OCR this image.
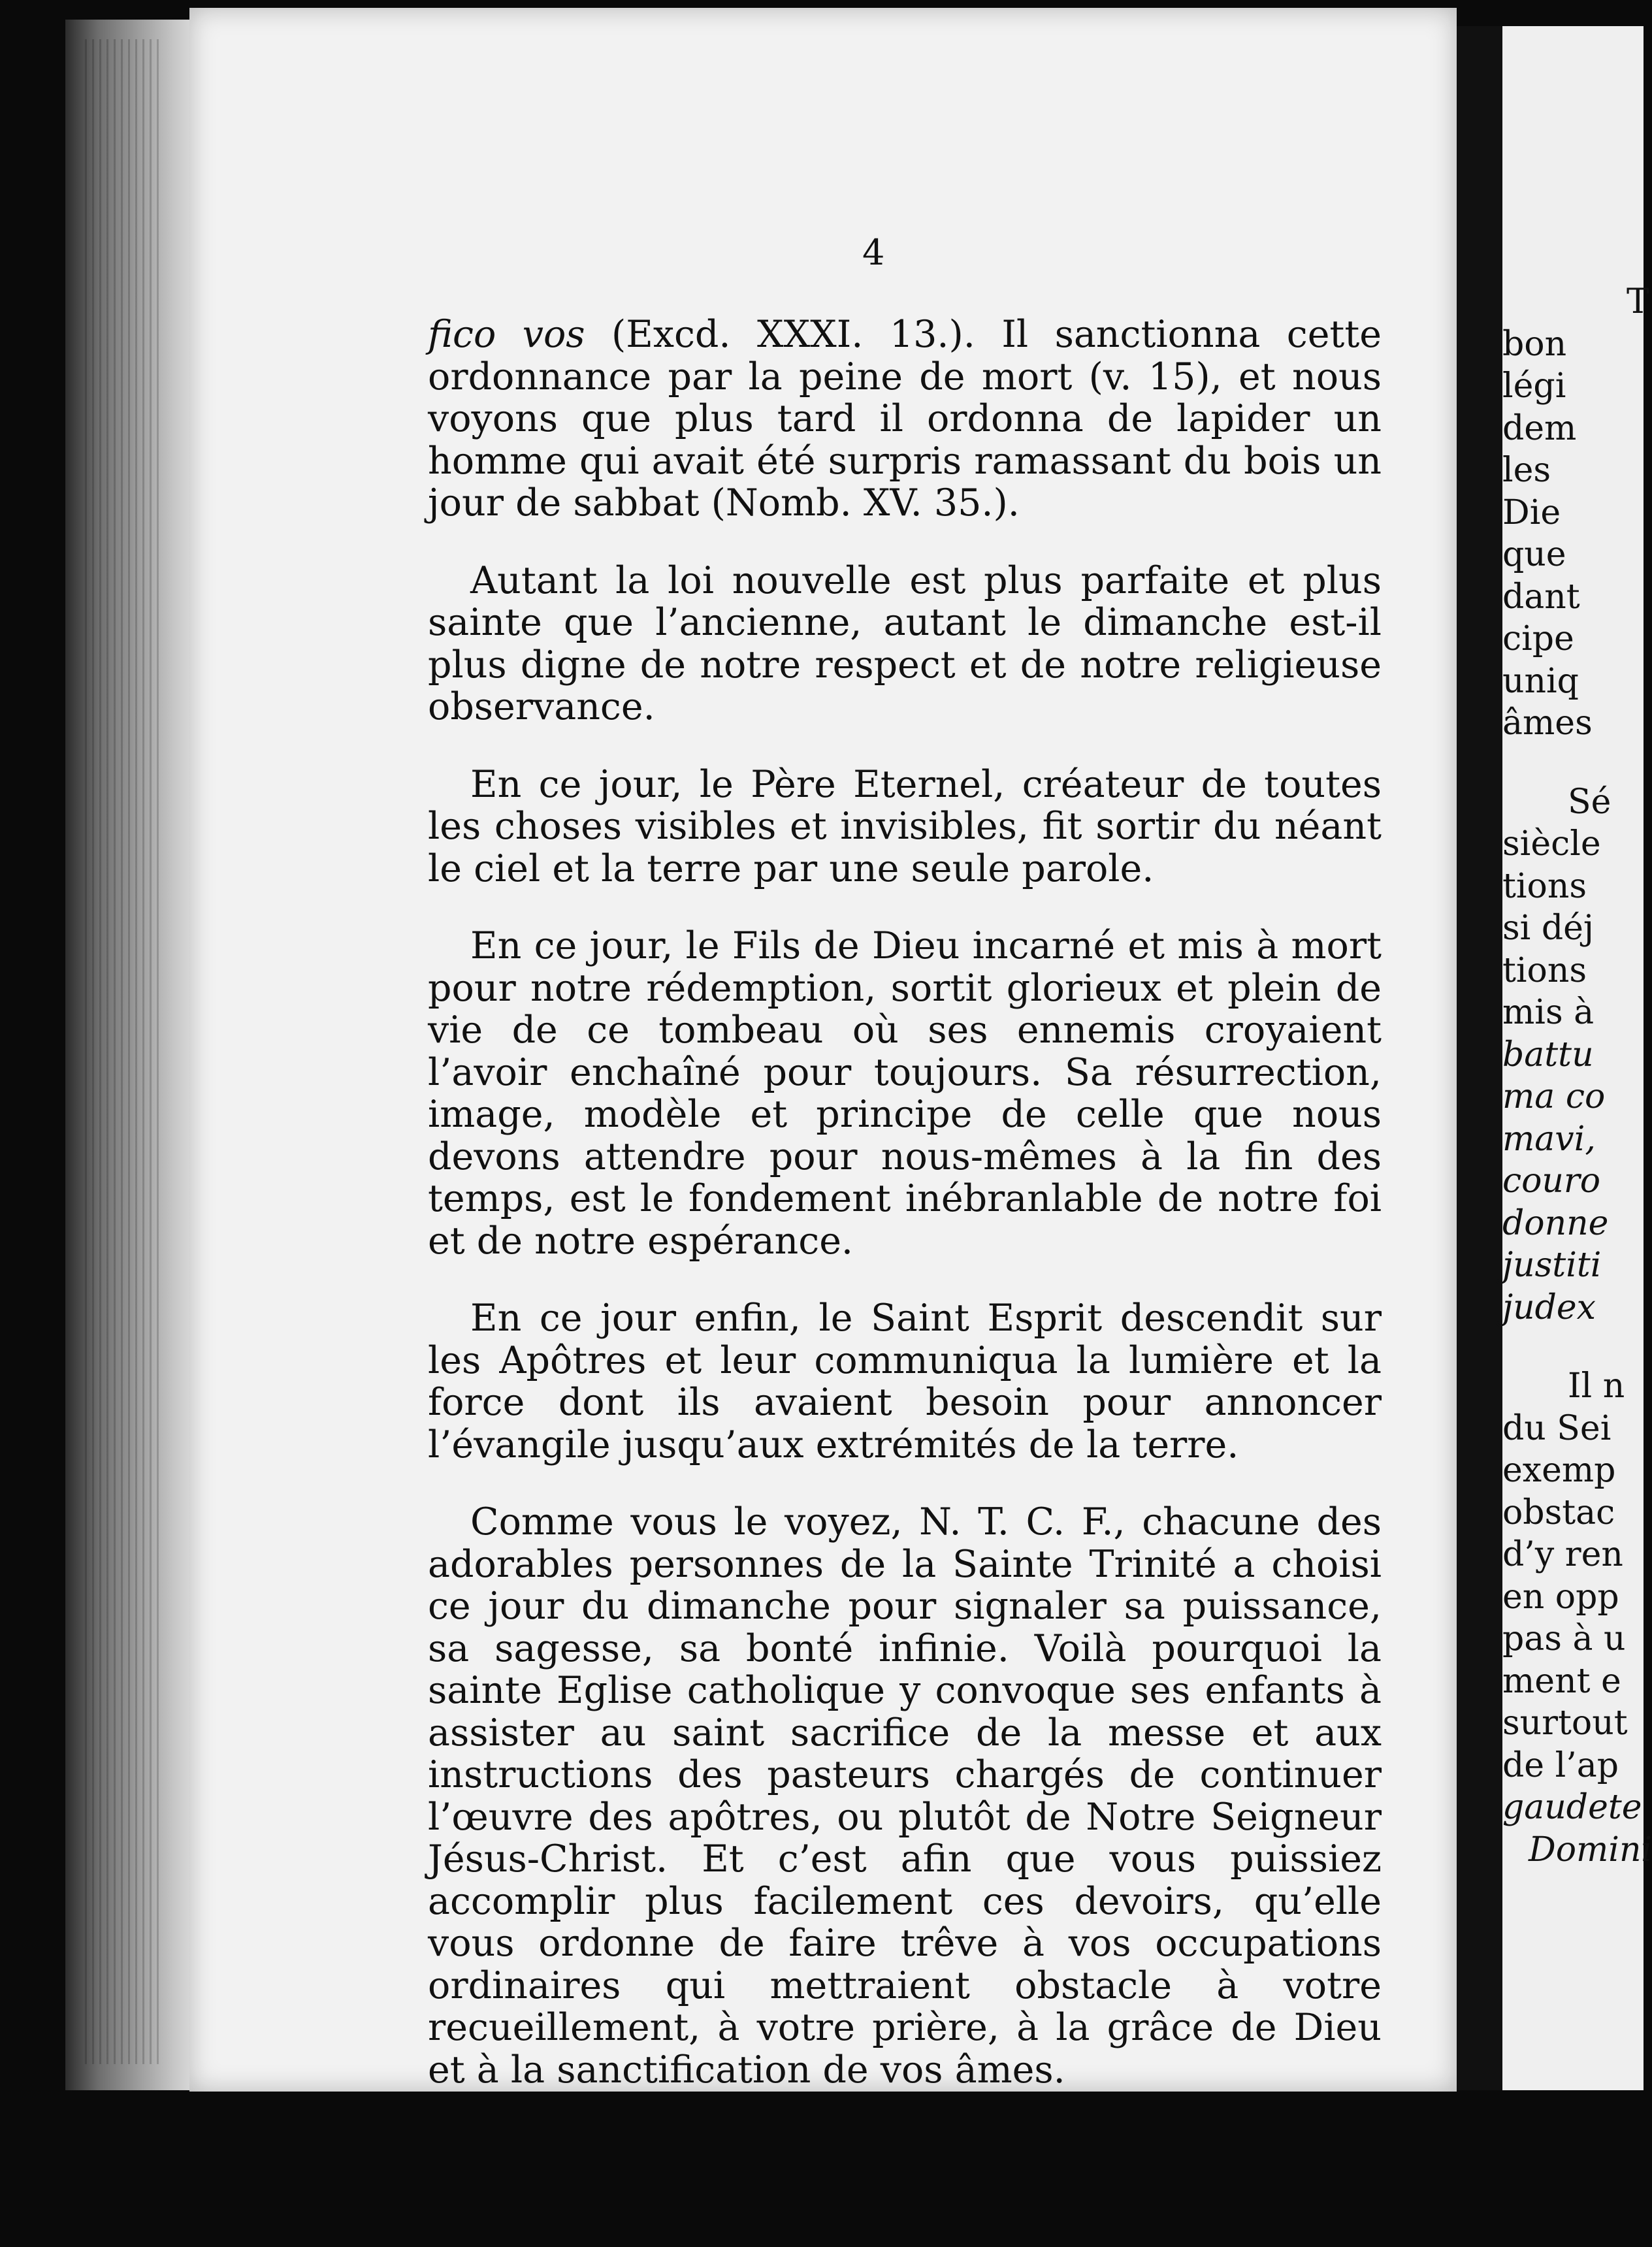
4

fico vos (Excd. XXXI. 13.). Il sanctionna cette ordonnance par la peine de mort (v. 15), et nous voyons que plus tard il ordonna de lapider un homme qui avait été surpris ramassant du bois un jour de sabbat (Nomb. XV. 35.).

Autant la loi nouvelle est plus parfaite et plus sainte que l’ancienne, autant le dimanche est-il plus digne de notre respect et de notre religieuse observance.

En ce jour, le Père Eternel, créateur de toutes les choses visibles et invisibles, fit sortir du néant le ciel et la terre par une seule parole.

En ce jour, le Fils de Dieu incarné et mis à mort pour notre rédemption, sortit glorieux et plein de vie de ce tombeau où ses ennemis croyaient l’avoir enchaîné pour toujours. Sa résurrection, image, modèle et principe de celle que nous devons attendre pour nous-mêmes à la fin des temps, est le fondement inébranlable de notre foi et de notre espérance.

En ce jour enfin, le Saint Esprit descendit sur les Apôtres et leur communiqua la lumière et la force dont ils avaient besoin pour annoncer l’évangile jusqu’aux extrémités de la terre.

Comme vous le voyez, N. T. C. F., chacune des adorables personnes de la Sainte Trinité a choisi ce jour du dimanche pour signaler sa puissance, sa sagesse, sa bonté infinie. Voilà pourquoi la sainte Eglise catholique y convoque ses enfants à assister au saint sacrifice de la messe et aux instructions des pasteurs chargés de continuer l’œuvre des apôtres, ou plutôt de Notre Seigneur Jésus-Christ. Et c’est afin que vous puissiez accomplir plus facilement ces devoirs, qu’elle vous ordonne de faire trêve à vos occupations ordinaires qui mettraient obstacle à votre recueillement, à votre prière, à la grâce de Dieu et à la sanctification de vos âmes.

T
bon
légi
dem
les
Die
que
dant
cipe
uniq
âmes
Sé
siècle
tions
si déj
tions
mis à
battu
ma co
mavi,
couro
donne
justiti
judex
Il n
du Sei
exemp
obstac
d’y ren
en opp
pas à u
ment e
surtout
de l’ap
gaudete
Domini
